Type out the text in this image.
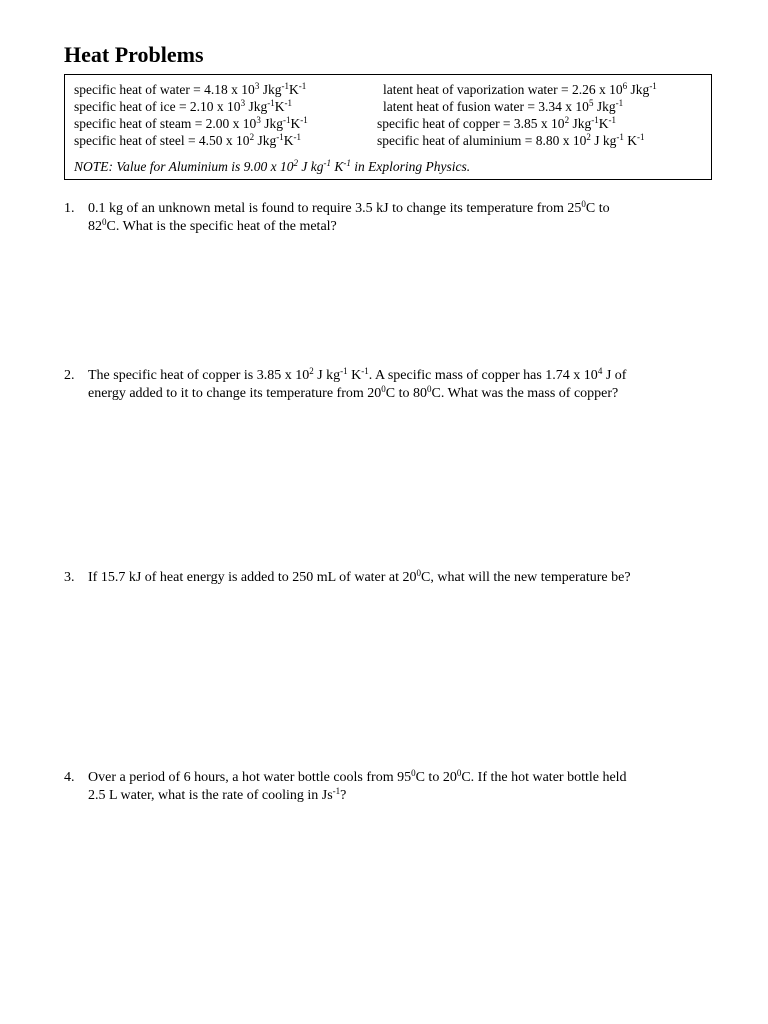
Heat Problems
specific heat of water = 4.18 x $10^3$ $Jkg^{-1}K^{-1}$
specific heat of ice = 2.10 x $10^3$ $Jkg^{-1}K^{-1}$
specific heat of steam = 2.00 x $10^3$ $Jkg^{-1}K^{-1}$
specific heat of steel = 4.50 x $10^2$ $Jkg^{-1}K^{-1}$
latent heat of vaporization water = 2.26 x $10^6$ Jkg$^{-1}$
latent heat of fusion water = 3.34 x $10^5$ Jkg$^{-1}$
specific heat of copper = 3.85 x $10^2$ $Jkg^{-1}K^{-1}$
specific heat of aluminium = 8.80 x $10^2$ J $kg^{-1}$ $K^{-1}$
NOTE: Value for Aluminium is 9.00 x $10^2$ J $kg^{-1}$ $K^{-1}$ in Exploring Physics.
1. 0.1 kg of an unknown metal is found to require 3.5 kJ to change its temperature from $25^0C$ to
$82^0C$. What is the specific heat of the metal?
2. The specific heat of copper is 3.85 x $10^2$ J $kg^{-1}$ $K^{-1}$. A specific mass of copper has 1.74 x $10^4$ J of
energy added to it to change its temperature from $20^0C$ to $80^0C$. What was the mass of copper?
3. If 15.7 kJ of heat energy is added to 250 mL of water at $20^0C$, what will the new temperature be?
4. Over a period of 6 hours, a hot water bottle cools from $95^0C$ to $20^0C$. If the hot water bottle held
2.5 L water, what is the rate of cooling in $Js^{-1}$?
